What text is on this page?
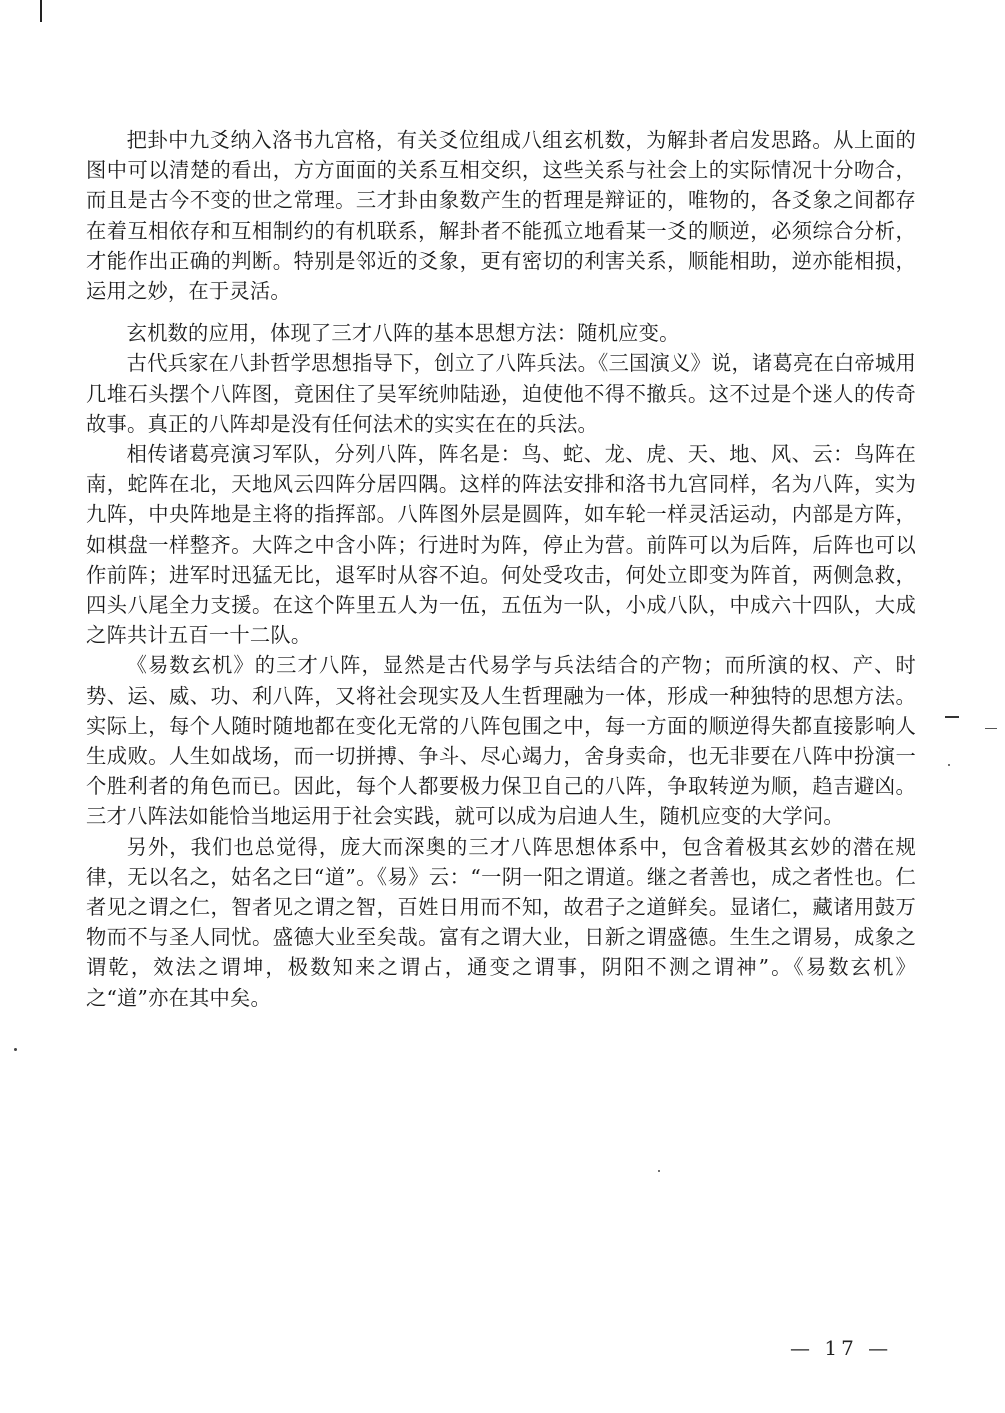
把卦中九爻纳入洛书九宫格，有关爻位组成八组玄机数，为解卦者启发思路。从上面的图中可以清楚的看出，方方面面的关系互相交织，这些关系与社会上的实际情况十分吻合，而且是古今不变的世之常理。三才卦由象数产生的哲理是辩证的，唯物的，各爻象之间都存在着互相依存和互相制约的有机联系，解卦者不能孤立地看某一爻的顺逆，必须综合分析，才能作出正确的判断。特别是邻近的爻象，更有密切的利害关系，顺能相助，逆亦能相损，运用之妙，在于灵活。

玄机数的应用，体现了三才八阵的基本思想方法：随机应变。

古代兵家在八卦哲学思想指导下，创立了八阵兵法。《三国演义》说，诸葛亮在白帝城用几堆石头摆个八阵图，竟困住了吴军统帅陆逊，迫使他不得不撤兵。这不过是个迷人的传奇故事。真正的八阵却是没有任何法术的实实在在的兵法。

相传诸葛亮演习军队，分列八阵，阵名是：鸟、蛇、龙、虎、天、地、风、云：鸟阵在南，蛇阵在北，天地风云四阵分居四隅。这样的阵法安排和洛书九宫同样，名为八阵，实为九阵，中央阵地是主将的指挥部。八阵图外层是圆阵，如车轮一样灵活运动，内部是方阵，如棋盘一样整齐。大阵之中含小阵；行进时为阵，停止为营。前阵可以为后阵，后阵也可以作前阵；进军时迅猛无比，退军时从容不迫。何处受攻击，何处立即变为阵首，两侧急救，四头八尾全力支援。在这个阵里五人为一伍，五伍为一队，小成八队，中成六十四队，大成之阵共计五百一十二队。

《易数玄机》的三才八阵，显然是古代易学与兵法结合的产物；而所演的权、产、时势、运、威、功、利八阵，又将社会现实及人生哲理融为一体，形成一种独特的思想方法。实际上，每个人随时随地都在变化无常的八阵包围之中，每一方面的顺逆得失都直接影响人生成败。人生如战场，而一切拼搏、争斗、尽心竭力，舍身卖命，也无非要在八阵中扮演一个胜利者的角色而已。因此，每个人都要极力保卫自己的八阵，争取转逆为顺，趋吉避凶。三才八阵法如能恰当地运用于社会实践，就可以成为启迪人生，随机应变的大学问。

另外，我们也总觉得，庞大而深奥的三才八阵思想体系中，包含着极其玄妙的潜在规律，无以名之，姑名之曰“道”。《易》云：“一阴一阳之谓道。继之者善也，成之者性也。仁者见之谓之仁，智者见之谓之智，百姓日用而不知，故君子之道鲜矣。显诸仁，藏诸用鼓万物而不与圣人同忧。盛德大业至矣哉。富有之谓大业，日新之谓盛德。生生之谓易，成象之谓乾，效法之谓坤，极数知来之谓占，通变之谓事，阴阳不测之谓神”。《易数玄机》之“道”亦在其中矣。

— 17 —
